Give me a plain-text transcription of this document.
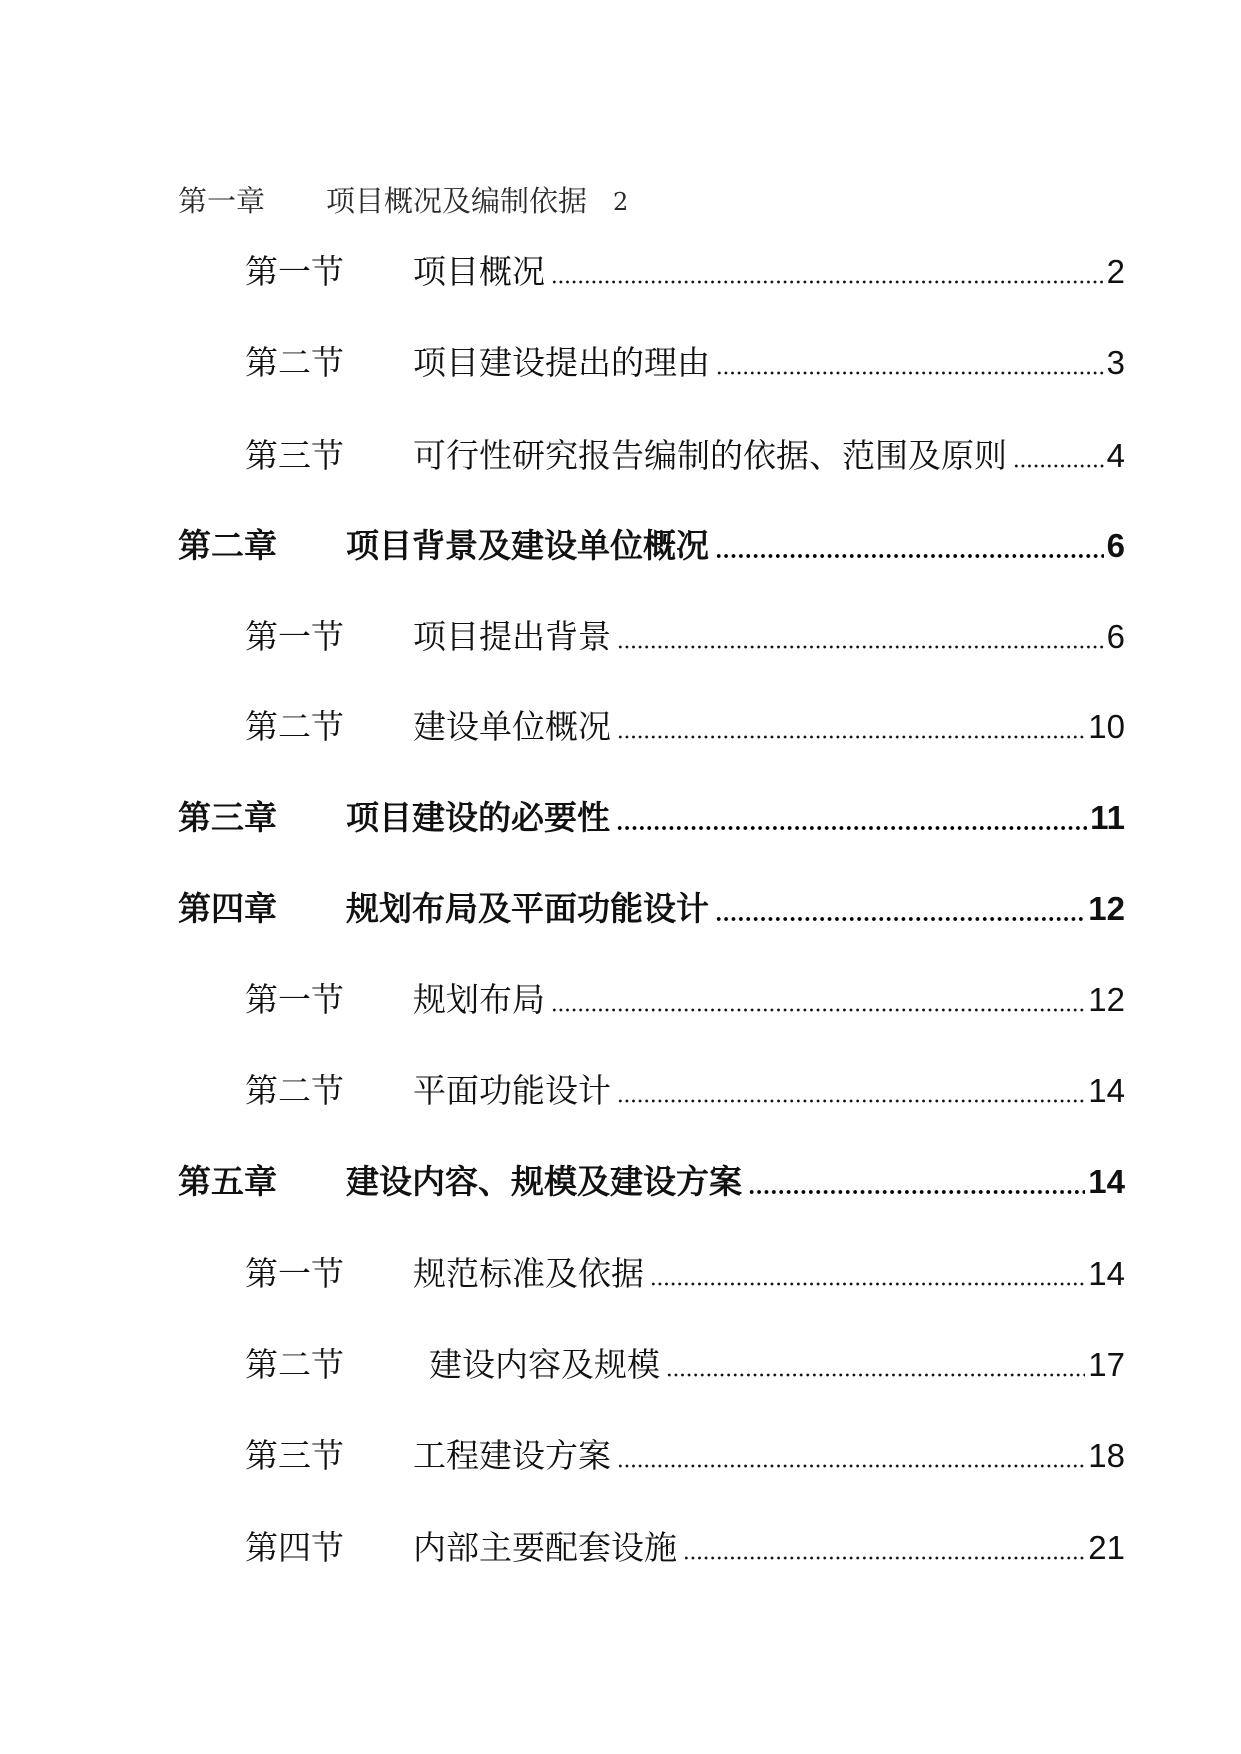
第一章	项目概况及编制依据 2
第一节	项目概况	2
第二节	项目建设提出的理由	3
第三节	可行性研究报告编制的依据、范围及原则	4
第二章	项目背景及建设单位概况	6
第一节	项目提出背景	6
第二节	建设单位概况	10
第三章	项目建设的必要性	11
第四章	规划布局及平面功能设计	12
第一节	规划布局	12
第二节	平面功能设计	14
第五章	建设内容、规模及建设方案	14
第一节	规范标准及依据	14
第二节	建设内容及规模	17
第三节	工程建设方案	18
第四节	内部主要配套设施	21
